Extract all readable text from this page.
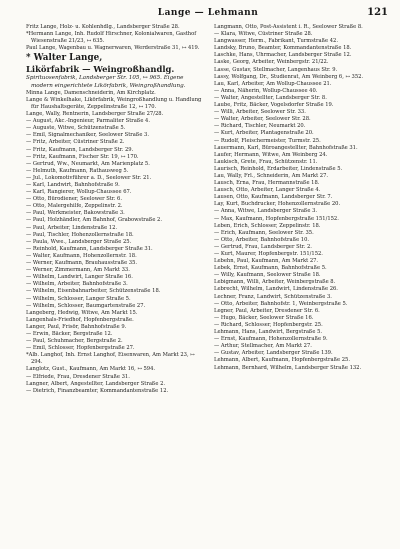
Lange — Lehmann	121

Fritz Lange, Holz- u. Kohlenhdlg., Landsberger Straße 28.

*Hermann Lange, Inh. Rudolf Hirschner, Kolonialwaren, Gasthof Wiesenstraße 21/23, ↦ 635.

Paul Lange, Wagenbau u. Wagnerwaren, Werderstraße 31, ↦ 419.

* Walter Lange,

Likörfabrik — Weingroßhandlg.

Spirituosenfabrik, Landsberger Str. 105, ↦ 965. Eigene modern eingerichtete Likörfabrik, Weingroßhandlung.

Minna Lange, Damenschneiderin, Am Kirchplatz.

Lange & Winkelhake, Likörfabrik, Weingroßhandlung u. Handlung für Haushaltsgeräte, Zeppelinstraße 12, ↦ 170.

Lange, Wally, Rentnerin, Landsberger Straße 27/28.

— August, Akc.-Ingenieur, Parmaliter Straße 4.

— Auguste, Witwe, Schützenstraße 5.

— Emil, Signalmechaniker, Seelower Straße 3.

— Fritz, Arbeiter, Cüstriner Straße 2.

— Fritz, Kaufmann, Landsberger Str. 29.

— Fritz, Kaufmann, Fischer Str. 19, ↦ 170.

— Gertrud, Ww., Neumarkt, Am Marienplatz 5.

— Helmuth, Kaufmann, Rathausweg 5.

— Jul., Lokomotivführer a. D., Seelower Str. 21.

— Karl, Landwirt, Bahnhofstraße 9.

— Karl, Rangierer, Wollup-Chaussee 67.

— Otto, Bürodiener, Seelower Str. 6.

— Otto, Malergehilfe, Zeppelinstr. 2.

— Paul, Werkmeister, Bakowstraße 3.

— Paul, Holzhändler, Am Bahnhof, Grabowstraße 2.

— Paul, Arbeiter, Lindenstraße 12.

— Paul, Tischler, Hohenzollernstraße 18.

— Paula, Wwe., Landsberger Straße 25.

— Reinhold, Kaufmann, Landsberger Straße 31.

— Walter, Kaufmann, Hohenzollernstr. 18.

— Werner, Kaufmann, Brauhausstraße 35.

— Werner, Zimmermann, Am Markt 33.

— Wilhelm, Landwirt, Langer Straße 16.

— Wilhelm, Arbeiter, Bahnhofstraße 3.

— Wilhelm, Eisenbahnarbeiter, Schützenstraße 18.

— Wilhelm, Schlosser, Langer Straße 5.

— Wilhelm, Schlosser, Baumgartenstraße 27.

Langeberg, Hedwig, Witwe, Am Markt 15.

Langenhals-Friedhof, Hopfenbergstraße.

Langer, Paul, Frisör, Bahnhofstraße 9.

— Erwin, Bäcker, Bergstraße 12.

— Paul, Schuhmacher, Bergstraße 2.

— Emil, Schlosser, Hopfenbergstraße 27.

*Alb. Langhof, Inh. Ernst Langhof, Eisenwaren, Am Markt 23, ↦ 294.

Langlotz, Gust., Kaufmann, Am Markt 16, ↦ 594.

— Elfriede, Frau, Dresdener Straße 31.

Langner, Albert, Angestellter, Landsberger Straße 2.

— Dietrich, Finanzbeamter, Kommandantenstraße 12.

Langmann, Otto, Post-Assistent i. R., Seelower Straße 8.

— Klara, Witwe, Cüstriner Straße 28.

Langwasser, Herm., Fabrikant, Turmstraße 42.

Landsky, Bruno, Beamter, Kommandantenstraße 18.

Laschke, Hans, Uhrmacher, Landsberger Straße 12.

Laske, Georg, Arbeiter, Weinbergstr. 21/22.

Lasse, Gustav, Stellmacher, Langenhaus Str. 9.

Lassy, Wolfgang, Dr., Studienrat, Am Weinberg 6, ↦ 352.

Lau, Karl, Arbeiter, Am Wollup-Chaussee 21.

— Anna, Näherin, Wollup-Chaussee 40.

— Walter, Angestellter, Landsberger Str. 8.

Laube, Fritz, Bäcker, Vogelsdorfer Straße 19.

— Willi, Arbeiter, Seelower Str. 33.

— Walter, Arbeiter, Seelower Str. 28.

— Richard, Tischler, Neumarkt 20.

— Kurt, Arbeiter, Plantagenstraße 20.

— Rudolf, Fleischermeister, Turmstr. 25.

Lauermann, Karl, Büroangestellter, Bahnhofstraße 31.

Laufer, Hermann, Witwe, Am Weinberg 24.

Laukisch, Grete, Frau, Schützenstr. 11.

Laurisch, Reinhold, Erdarbeiter, Lindenstraße 5.

Lau, Wally, Frl., Schneiderin, Am Markt 27.

Lausch, Erna, Frau, Hermannstraße 18.

Lausch, Otto, Arbeiter, Langer Straße 4.

Lausen, Otto, Kaufmann, Landsberger Str. 7.

Lay, Kurt, Buchdrucker, Hohenzollernstraße 20.

— Anna, Witwe, Landsberger Straße 3.

— Max, Kaufmann, Hopfenbergstraße 151/152.

Leben, Erich, Schlosser, Zeppelinstr. 18.

— Erich, Kaufmann, Seelower Str. 35.

— Otto, Arbeiter, Bahnhofstraße 10.

— Gertrud, Frau, Landsberger Str. 2.

— Kurt, Maurer, Hopfenbergstr. 151/152.

Lebehn, Paul, Kaufmann, Am Markt 27.

Lebek, Ernst, Kaufmann, Bahnhofstraße 5.

— Willy, Kaufmann, Seelower Straße 18.

Lebigmann, Willi, Arbeiter, Weinbergstraße 8.

Lebrecht, Wilhelm, Landwirt, Lindenstraße 26.

Lechner, Franz, Landwirt, Schützenstraße 3.

— Otto, Arbeiter, Bahnhofstr. 1, Weinbergstraße 5.

Legner, Paul, Arbeiter, Dresdener Str. 6.

— Hugo, Bäcker, Seelower Straße 16.

— Richard, Schlosser, Hopfenbergstr. 25.

Lehmann, Hans, Landwirt, Bergstraße 5.

— Ernst, Kaufmann, Hohenzollernstraße 9.

— Arthur, Stellmacher, Am Markt 27.

— Gustav, Arbeiter, Landsberger Straße 139.

Lehmann, Albert, Kaufmann, Hopfenbergstraße 25.

Lehmann, Bernhard, Wilhelm, Landsberger Straße 132.
